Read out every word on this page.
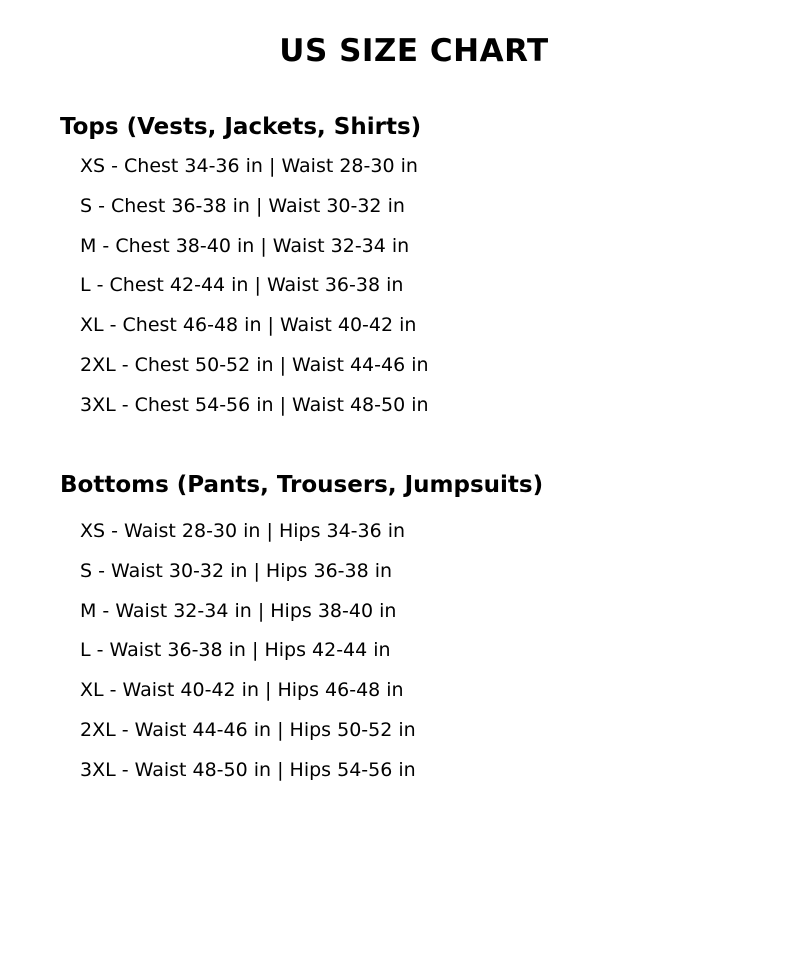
US SIZE CHART
Tops (Vests, Jackets, Shirts)
XS - Chest 34-36 in | Waist 28-30 in
S - Chest 36-38 in | Waist 30-32 in
M - Chest 38-40 in | Waist 32-34 in
L - Chest 42-44 in | Waist 36-38 in
XL - Chest 46-48 in | Waist 40-42 in
2XL - Chest 50-52 in | Waist 44-46 in
3XL - Chest 54-56 in | Waist 48-50 in
Bottoms (Pants, Trousers, Jumpsuits)
XS - Waist 28-30 in | Hips 34-36 in
S - Waist 30-32 in | Hips 36-38 in
M - Waist 32-34 in | Hips 38-40 in
L - Waist 36-38 in | Hips 42-44 in
XL - Waist 40-42 in | Hips 46-48 in
2XL - Waist 44-46 in | Hips 50-52 in
3XL - Waist 48-50 in | Hips 54-56 in
